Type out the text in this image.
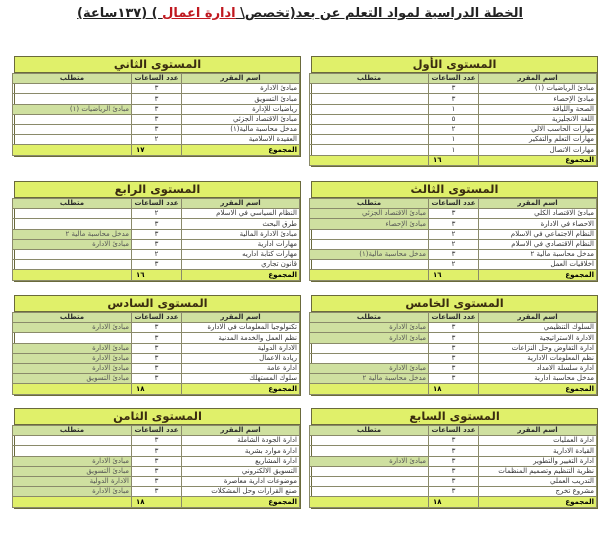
الخطة الدراسية لمواد التعلم عن بعد(تخصص\ ادارة اعمال ) (١٣٧ساعة)
المستوى الأول
اسم المقرر	عدد الساعات	متطلب
مبادئ الرياضيات (١)	٣	
مبادئ الإحصاء	٣	
الصحة واللياقة	١	
اللغة الانجليزية	٥	
مهارات الحاسب الالي	٢	
مهارات التعلم والتفكير	١	
مهارات الاتصال	١	
المجموع	١٦	
المستوى الثاني
اسم المقرر	عدد الساعات	متطلب
مبادئ الادارة	٣	
مبادئ التسويق	٣	
رياضيات للإدارة	٣	مبادئ الرياضيات (١)
مبادئ الاقتصاد الجزئي	٣	
مدخل محاسبة مالية(١)	٣	
العقيدة الاسلامية	٢	
المجموع	١٧	
المستوى الثالث
اسم المقرر	عدد الساعات	متطلب
مبادئ الاقتصاد الكلي	٣	مبادئ الاقتصاد الجزئي
الاحصاء في الادارة	٣	مبادئ الإحصاء
النظام الاجتماعي في الاسلام	٢	
النظام الاقتصادي في الاسلام	٢	
مدخل محاسبة مالية ٢	٣	مدخل محاسبة مالية(١)
اخلاقيات العمل	٢	
المجموع	١٦	
المستوى الرابع
اسم المقرر	عدد الساعات	متطلب
النظام السياسي في الاسلام	٢	
طرق البحث	٣	
مبادئ الادارة المالية	٣	مدخل محاسبة مالية ٢
مهارات ادارية	٣	مبادئ الادارة
مهارات كتابة اداريه	٢	
قانون تجاري	٣	
المجموع	١٦	
المستوى الخامس
اسم المقرر	عدد الساعات	متطلب
السلوك التنظيمي	٣	مبادئ الادارة
الادارة الاستراتيجية	٣	مبادئ الادارة
ادارة التفاوض وحل النزاعات	٣	
نظم المعلومات الادارية	٣	
ادارة سلسلة الامداد	٣	مبادئ الادارة
مدخل محاسبة ادارية	٣	مدخل محاسبة مالية ٢
المجموع	١٨	
المستوى السادس
اسم المقرر	عدد الساعات	متطلب
تكنولوجيا المعلومات في الادارة	٣	مبادئ الادارة
نظم العمل والخدمة المدنية	٣	
الادارة الدولية	٣	مبادئ الادارة
ريادة الاعمال	٣	مبادئ الادارة
ادارة عامة	٣	مبادئ الادارة
سلوك المستهلك	٣	مبادئ التسويق
المجموع	١٨	
المستوى السابع
اسم المقرر	عدد الساعات	متطلب
ادارة العمليات	٣	
القيادة الادارية	٣	
ادارة التغيير والتطوير	٣	مبادئ الادارة
نظرية التنظيم وتصميم المنظمات	٣	
التدريب العملي	٣	
مشروع تخرج	٣	
المجموع	١٨	
المستوى الثامن
اسم المقرر	عدد الساعات	متطلب
ادارة الجودة الشاملة	٣	
ادارة موارد بشرية	٣	
ادارة المشاريع	٣	مبادئ الادارة
التسويق الالكتروني	٣	مبادئ التسويق
موضوعات ادارية معاصرة	٣	الادارة الدولية
صنع القرارات وحل المشكلات	٣	مبادئ الادارة
المجموع	١٨	
